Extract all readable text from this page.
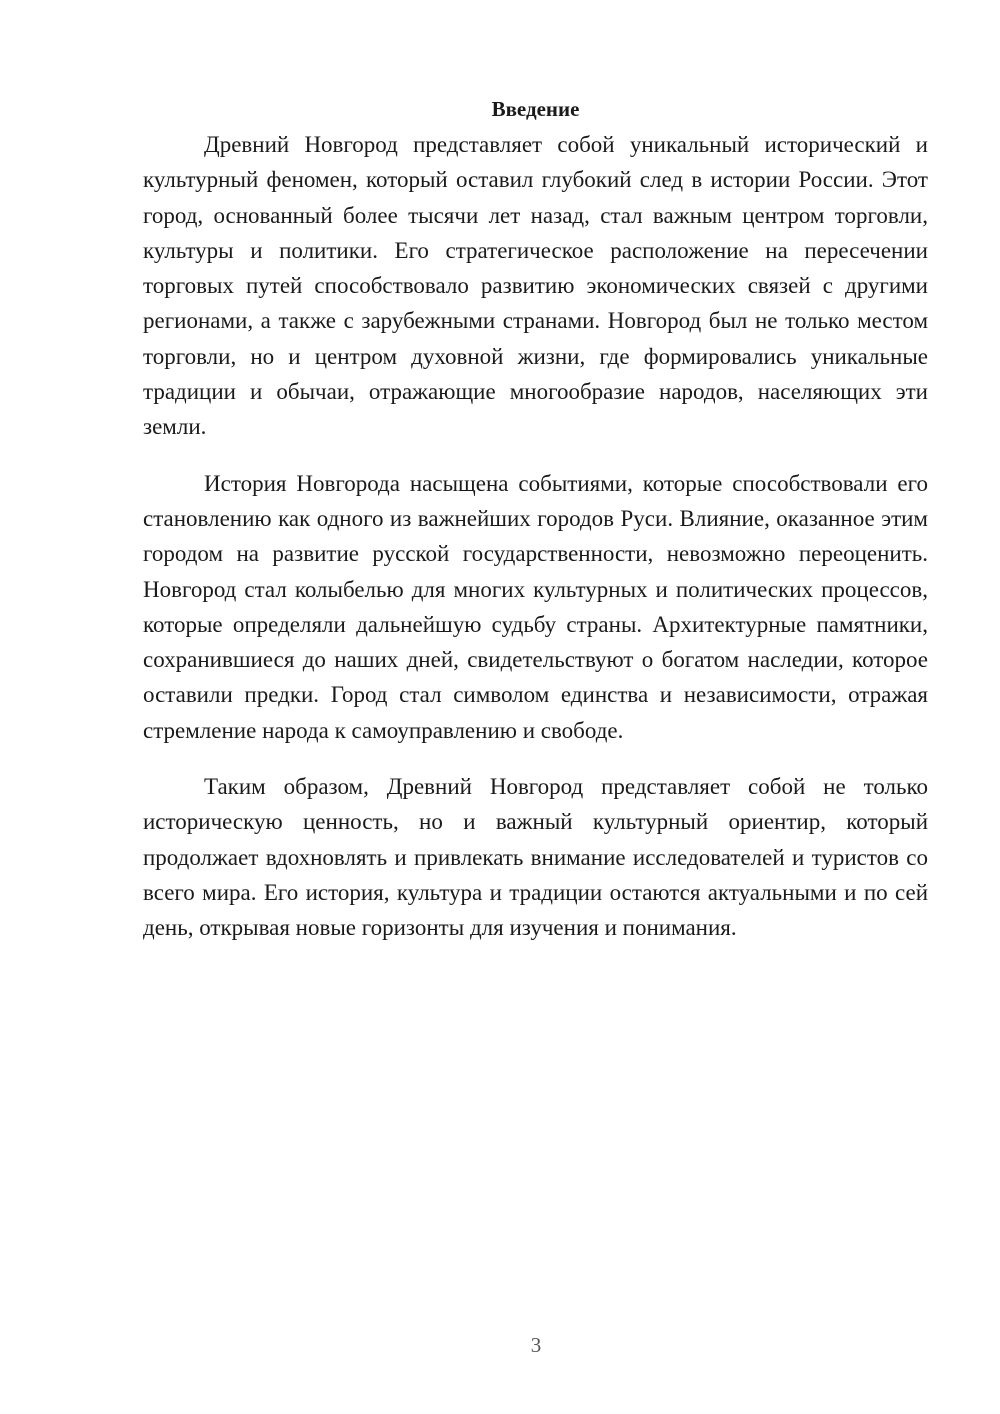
Введение

Древний Новгород представляет собой уникальный исторический и культурный феномен, который оставил глубокий след в истории России. Этот город, основанный более тысячи лет назад, стал важным центром торговли, культуры и политики. Его стратегическое расположение на пересечении торговых путей способствовало развитию экономических связей с другими регионами, а также с зарубежными странами. Новгород был не только местом торговли, но и центром духовной жизни, где формировались уникальные традиции и обычаи, отражающие многообразие народов, населяющих эти земли.

История Новгорода насыщена событиями, которые способствовали его становлению как одного из важнейших городов Руси. Влияние, оказанное этим городом на развитие русской государственности, невозможно переоценить. Новгород стал колыбелью для многих культурных и политических процессов, которые определяли дальнейшую судьбу страны. Архитектурные памятники, сохранившиеся до наших дней, свидетельствуют о богатом наследии, которое оставили предки. Город стал символом единства и независимости, отражая стремление народа к самоуправлению и свободе.

Таким образом, Древний Новгород представляет собой не только историческую ценность, но и важный культурный ориентир, который продолжает вдохновлять и привлекать внимание исследователей и туристов со всего мира. Его история, культура и традиции остаются актуальными и по сей день, открывая новые горизонты для изучения и понимания.

3
